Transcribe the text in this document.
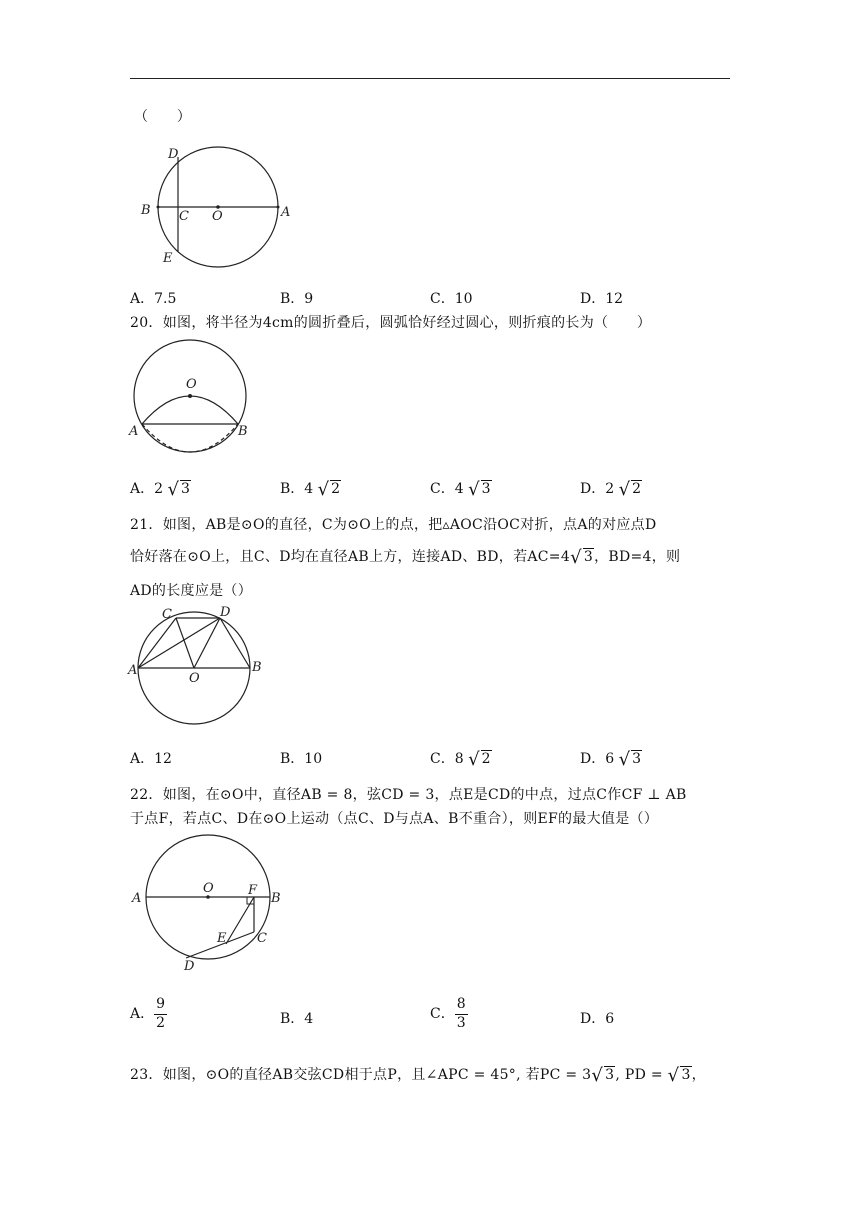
（　　）
D
B C O	A
E
A．7.5	B．9	C．10	D．12
20．如图，将半径为4cm的圆折叠后，圆弧恰好经过圆心，则折痕的长为（　　）
O
A	B
A．2 √ 3	B．4 √ 2	C．4 √ 3	D．2 √ 2
21．如图，AB是⊙O的直径，C为⊙O上的点，把▵AOC沿OC对折，点A的对应点D
恰好落在⊙O上，且C、D均在直径AB上方，连接AD、BD，若AC=4√ 3，BD=4，则
AD的长度应是（）
C	D
A
O
B
A．12	B．10	C．8 √ 2	D．6 √ 3
22．如图，在⊙O中，直径AB = 8，弦CD = 3，点E是CD的中点，过点C作CF ⊥ AB
于点F，若点C、D在⊙O上运动（点C、D与点A、B不重合），则EF的最大值是（）
A
O	F
B
E C
D
A． $\frac{9}{2}$	B．4	C． $\frac{8}{3}$	D．6
23．如图，⊙O的直径AB交弦CD相于点P，且∠APC = 45°, 若PC = 3√ 3, PD = √ 3，
